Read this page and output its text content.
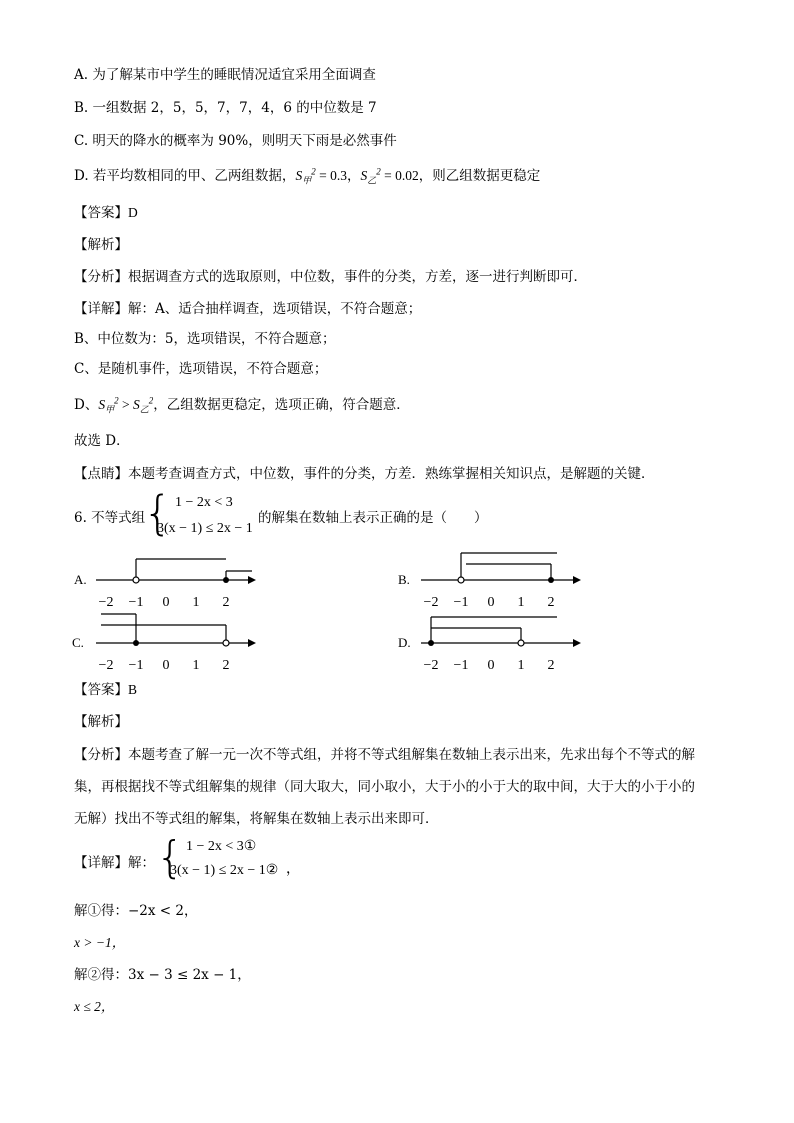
A. 为了解某市中学生的睡眠情况适宜采用全面调查
B. 一组数据 2，5，5，7，7，4，6 的中位数是 7
C. 明天的降水的概率为 90%，则明天下雨是必然事件
D. 若平均数相同的甲、乙两组数据，$S_甲^2 = 0.3$，$S_乙^2 = 0.02$，则乙组数据更稳定
【答案】D
【解析】
【分析】根据调查方式的选取原则，中位数，事件的分类，方差，逐一进行判断即可．
【详解】解：A、适合抽样调查，选项错误，不符合题意；
B、中位数为：5，选项错误，不符合题意；
C、是随机事件，选项错误，不符合题意；
D、$S_甲^2 > S_乙^2$，乙组数据更稳定，选项正确，符合题意．
故选 D．
【点睛】本题考查调查方式，中位数，事件的分类，方差．熟练掌握相关知识点，是解题的关键．
6. 不等式组
{ 1 − 2x < 3
3(x − 1) ≤ 2x − 1
的解集在数轴上表示正确的是（　　）
A.	B.
C.	D.
−2 −1 0 1 2	−2 −1 0 1 2
−2 −1 0 1 2	−2 −1 0 1 2
【答案】B
【解析】
【分析】本题考查了解一元一次不等式组，并将不等式组解集在数轴上表示出来，先求出每个不等式的解
集，再根据找不等式组解集的规律（同大取大，同小取小，大于小的小于大的取中间，大于大的小于小的
无解）找出不等式组的解集，将解集在数轴上表示出来即可．
【详解】解： { 1 − 2x < 3①
3(x − 1) ≤ 2x − 1② ，
解①得：−2x < 2，
x > −1，
解②得：3x − 3 ≤ 2x − 1，
x ≤ 2，
